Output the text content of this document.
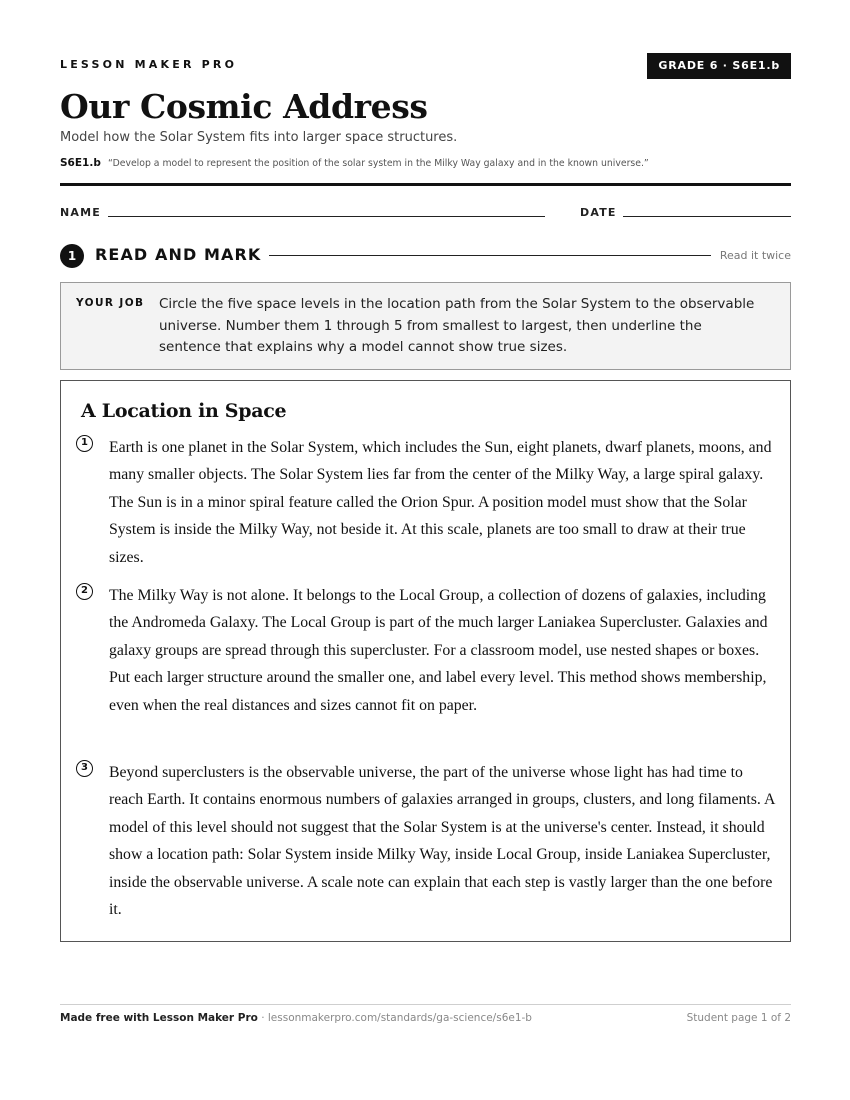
LESSON MAKER PRO	GRADE 6 · S6E1.b
Our Cosmic Address
Model how the Solar System fits into larger space structures.
S6E1.b “Develop a model to represent the position of the solar system in the Milky Way galaxy and in the known universe.”
NAME	DATE
1	READ AND MARK	Read it twice
YOUR JOB Circle the five space levels in the location path from the Solar System to the observable universe. Number them 1 through 5 from smallest to largest, then underline the sentence that explains why a model cannot show true sizes.
A Location in Space
1	Earth is one planet in the Solar System, which includes the Sun, eight planets, dwarf planets, moons, and many smaller objects. The Solar System lies far from the center of the Milky Way, a large spiral galaxy. The Sun is in a minor spiral feature called the Orion Spur. A position model must show that the Solar System is inside the Milky Way, not beside it. At this scale, planets are too small to draw at their true sizes.

2	The Milky Way is not alone. It belongs to the Local Group, a collection of dozens of galaxies, including the Andromeda Galaxy. The Local Group is part of the much larger Laniakea Supercluster. Galaxies and galaxy groups are spread through this supercluster. For a classroom model, use nested shapes or boxes. Put each larger structure around the smaller one, and label every level. This method shows membership, even when the real distances and sizes cannot fit on paper.

3	Beyond superclusters is the observable universe, the part of the universe whose light has had time to reach Earth. It contains enormous numbers of galaxies arranged in groups, clusters, and long filaments. A model of this level should not suggest that the Solar System is at the universe's center. Instead, it should show a location path: Solar System inside Milky Way, inside Local Group, inside Laniakea Supercluster, inside the observable universe. A scale note can explain that each step is vastly larger than the one before it.

Made free with Lesson Maker Pro · lessonmakerpro.com/standards/ga-science/s6e1-b	Student page 1 of 2
